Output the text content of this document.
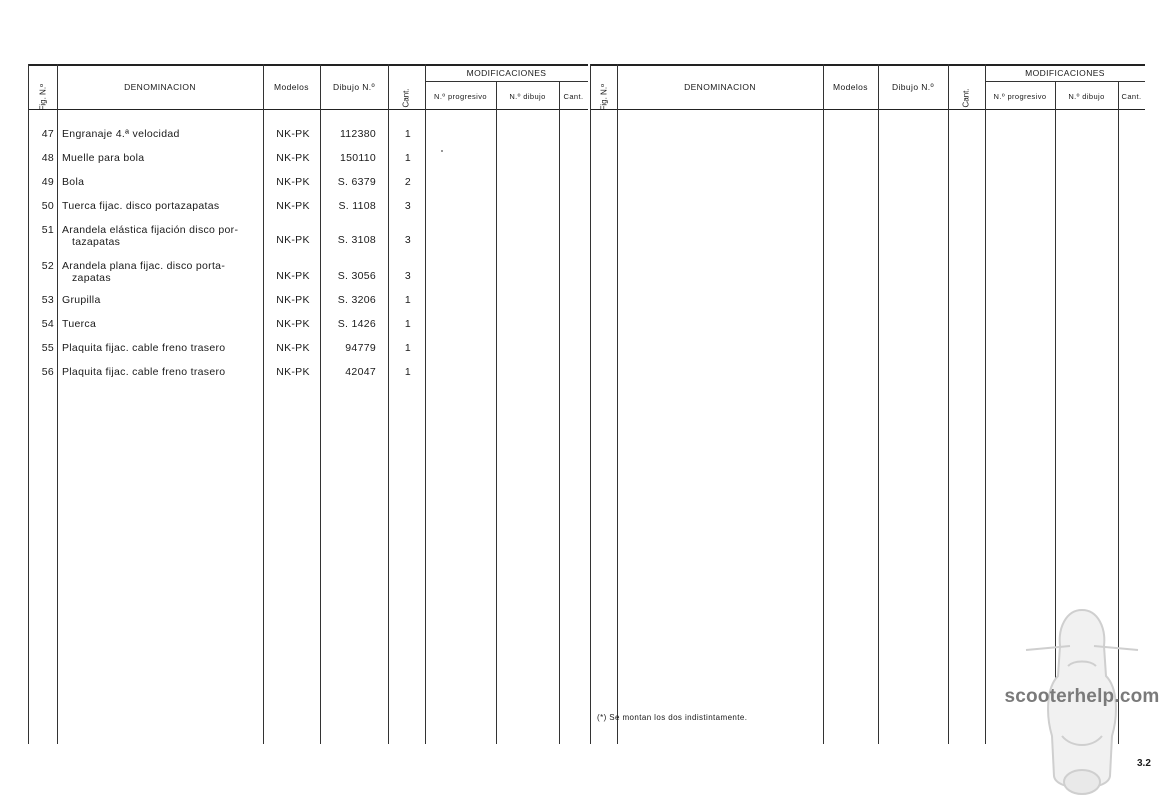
Fig. N.º	DENOMINACION	Modelos	Dibujo N.º
Cant.
MODIFICACIONES
N.º progresivo	N.º dibujo	Cant.
47 Engranaje 4.ª velocidad	NK-PK	112380	1
48 Muelle para bola	NK-PK	150110	1
49 Bola	NK-PK	S. 6379	2
50 Tuerca fijac. disco portazapatas	NK-PK	S. 1108	3
51 Arandela elástica fijación disco por-
tazapatas	NK-PK	S. 3108	3
52 Arandela plana fijac. disco porta-
zapatas	NK-PK	S. 3056	3
53 Grupilla	NK-PK	S. 3206	1
54 Tuerca	NK-PK	S. 1426	1
55 Plaquita fijac. cable freno trasero	NK-PK	94779	1
56 Plaquita fijac. cable freno trasero	NK-PK	42047	1
Fig. N.º	DENOMINACION	Modelos	Dibujo N.º
Cant.
MODIFICACIONES
N.º progresivo	N.º dibujo	Cant.
(*) Se montan los dos indistintamente.
scooterhelp.com
3.2
